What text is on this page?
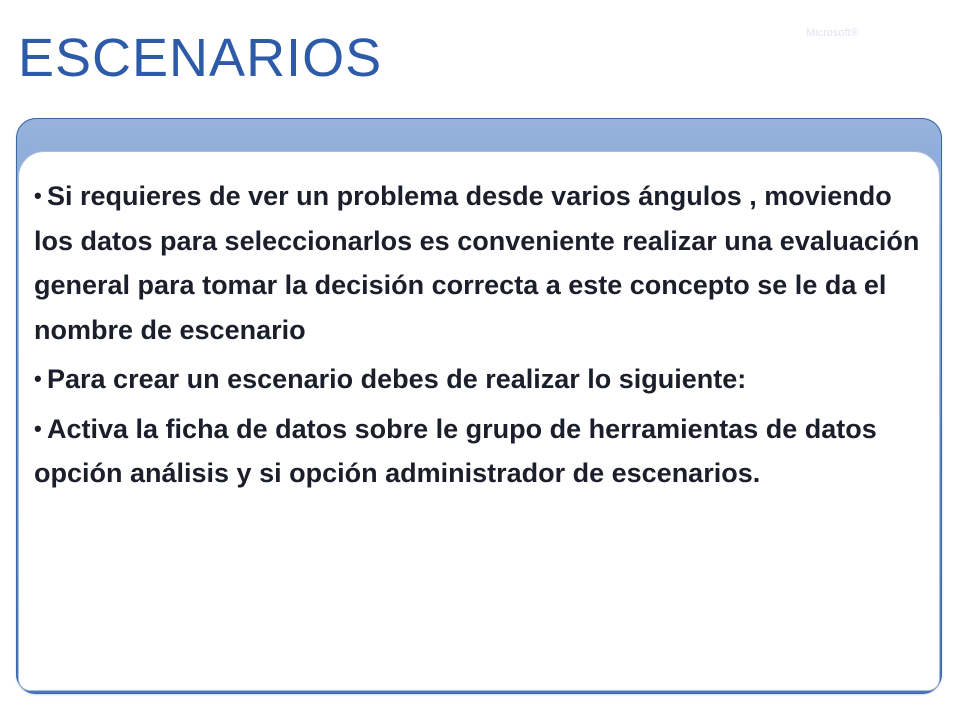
ESCENARIOS	Microsoft®
• Si requieres de ver un problema desde varios ángulos , moviendo los datos para seleccionarlos es conveniente realizar una evaluación general para tomar la decisión correcta a este concepto se le da el nombre de escenario
• Para crear un escenario debes de realizar lo siguiente:
• Activa la ficha de datos sobre le grupo de herramientas de datos opción análisis y si opción administrador de escenarios.
